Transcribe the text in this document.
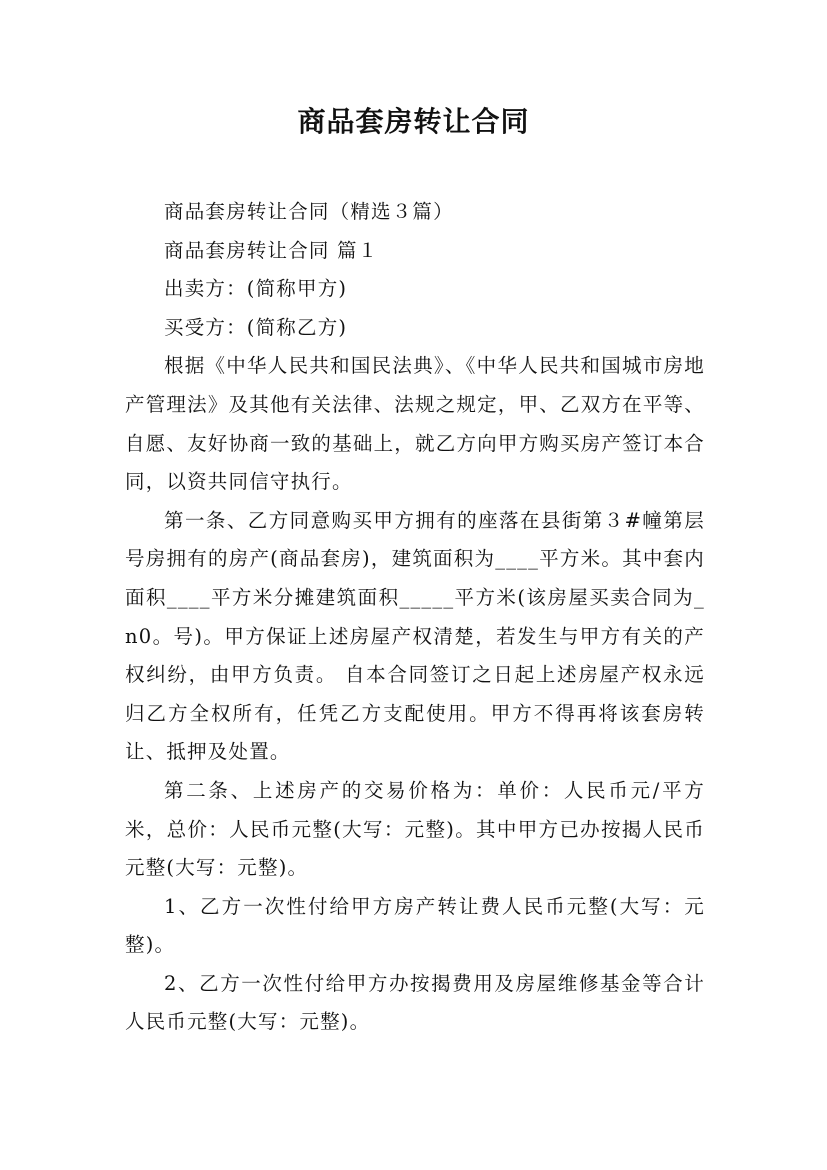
商品套房转让合同

商品套房转让合同（精选３篇）

商品套房转让合同 篇１

出卖方：(简称甲方)

买受方：(简称乙方)

根据《中华人民共和国民法典》、《中华人民共和国城市房地产管理法》及其他有关法律、法规之规定，甲、乙双方在平等、自愿、友好协商一致的基础上，就乙方向甲方购买房产签订本合同，以资共同信守执行。

第一条、乙方同意购买甲方拥有的座落在县街第３#幢第层号房拥有的房产(商品套房)，建筑面积为____平方米。其中套内面积____平方米分摊建筑面积_____平方米(该房屋买卖合同为_n0。号)。甲方保证上述房屋产权清楚，若发生与甲方有关的产 权纠纷，由甲方负责。 自本合同签订之日起上述房屋产权永远归乙方全权所有，任凭乙方支配使用。甲方不得再将该套房转让、抵押及处置。

第二条、上述房产的交易价格为：单价：人民币元/平方米，总价：人民币元整(大写：元整)。其中甲方已办按揭人民币元整(大写：元整)。

1、乙方一次性付给甲方房产转让费人民币元整(大写：元整)。

2、乙方一次性付给甲方办按揭费用及房屋维修基金等合计人民币元整(大写：元整)。
